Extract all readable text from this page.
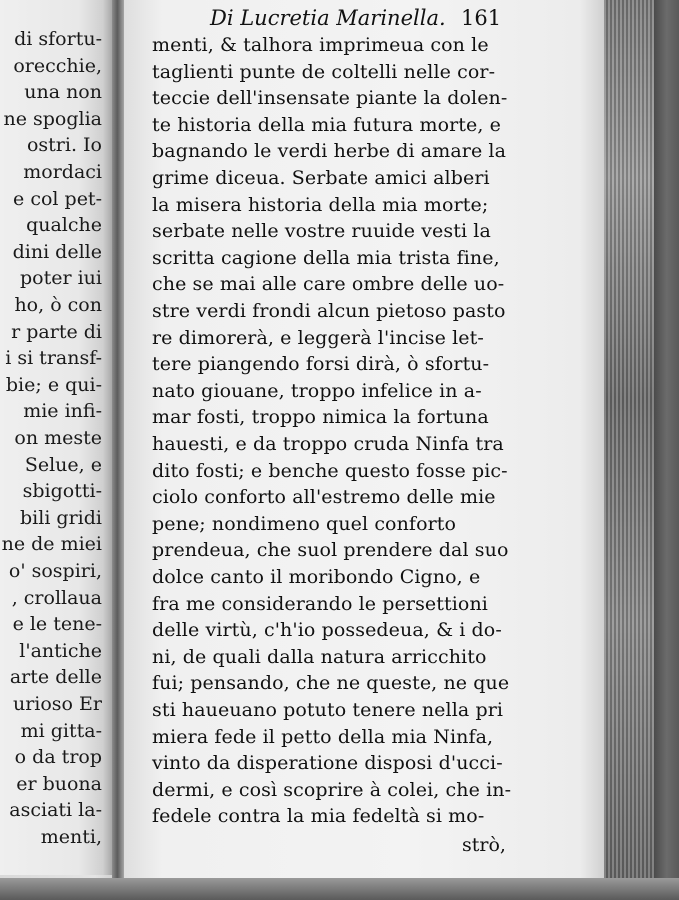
di sfortu-
orecchie,
una non
ne spoglia
ostri. Io
mordaci
e col pet-
qualche
dini delle
poter iui
ho, ò con
r parte di
i si transf-
bie; e qui-
mie infi-
on meste
Selue, e
sbigotti-
bili gridi
ne de miei
o' sospiri,
, crollaua
e le tene-
l'antiche
arte delle
urioso Er
mi gitta-
o da trop
er buona
asciati la-
menti,
Di Lucretia Marinella. 161
strò,
menti, & talhora imprimeua con le
taglienti punte de coltelli nelle cor-
teccie dell'insensate piante la dolen-
te historia della mia futura morte, e
bagnando le verdi herbe di amare la
grime diceua. Serbate amici alberi
la misera historia della mia morte;
serbate nelle vostre ruuide vesti la
scritta cagione della mia trista fine,
che se mai alle care ombre delle uo-
stre verdi frondi alcun pietoso pasto
re dimorerà, e leggerà l'incise let-
tere piangendo forsi dirà, ò sfortu-
nato giouane, troppo infelice in a-
mar fosti, troppo nimica la fortuna
hauesti, e da troppo cruda Ninfa tra
dito fosti; e benche questo fosse pic-
ciolo conforto all'estremo delle mie
pene; nondimeno quel conforto
prendeua, che suol prendere dal suo
dolce canto il moribondo Cigno, e
fra me considerando le persettioni
delle virtù, c'h'io possedeua, & i do-
ni, de quali dalla natura arricchito
fui; pensando, che ne queste, ne que
sti haueuano potuto tenere nella pri
miera fede il petto della mia Ninfa,
vinto da disperatione disposi d'ucci-
dermi, e così scoprire à colei, che in-
fedele contra la mia fedeltà si mo-
